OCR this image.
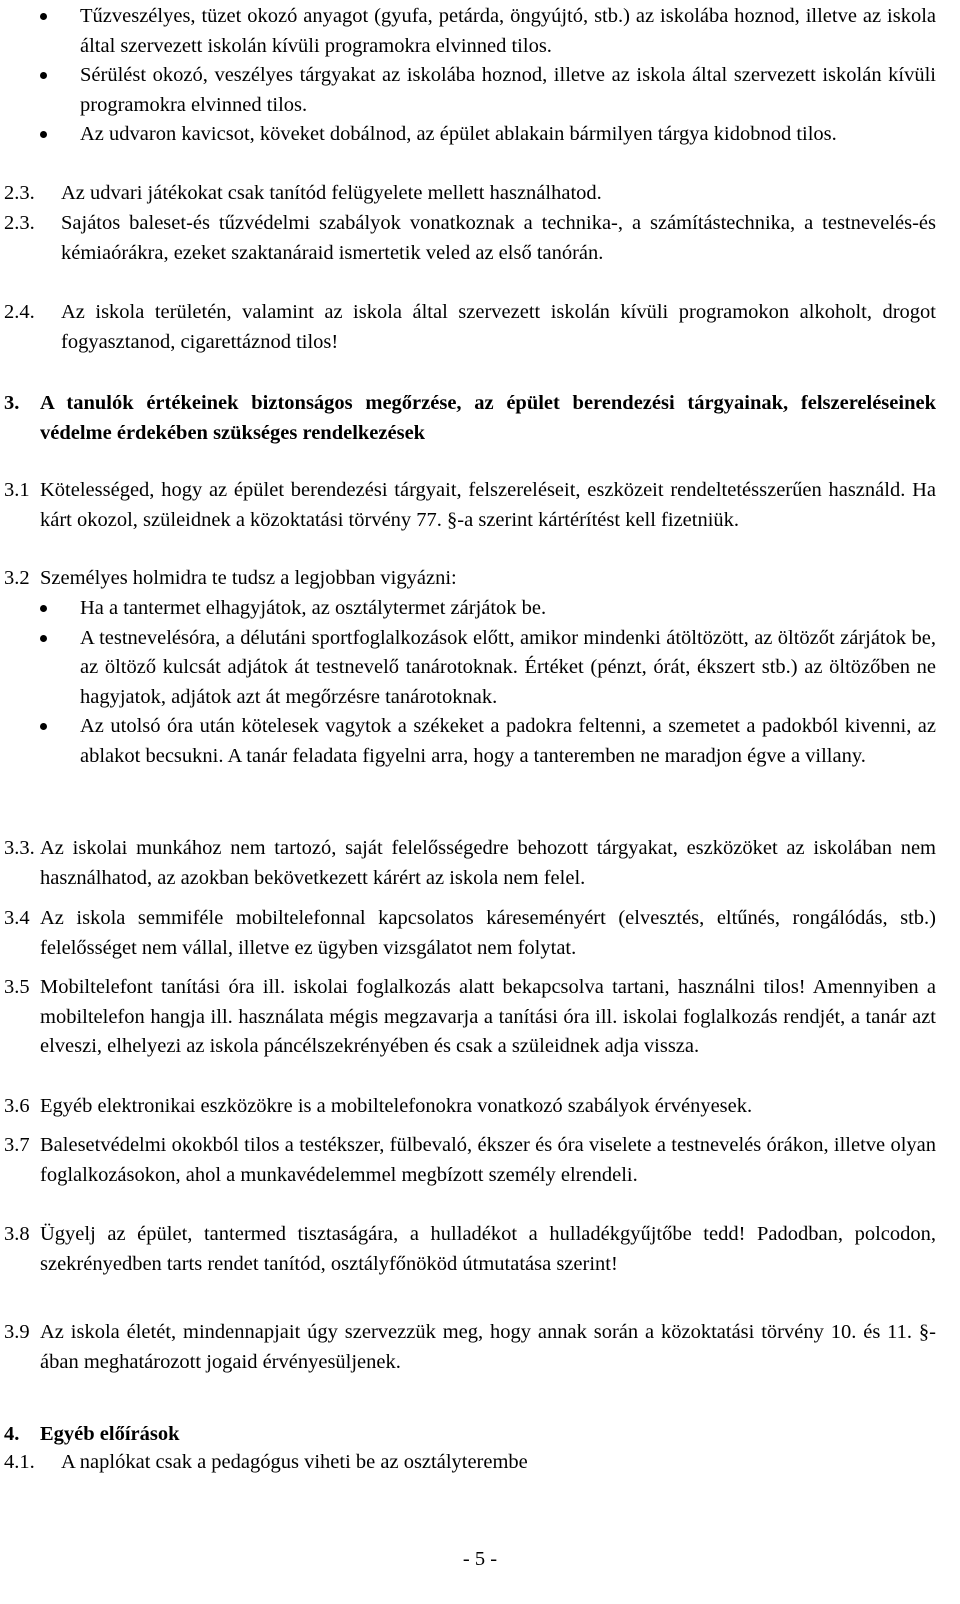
Tűzveszélyes, tüzet okozó anyagot (gyufa, petárda, öngyújtó, stb.) az iskolába hoznod, illetve az iskola által szervezett iskolán kívüli programokra elvinned tilos.
Sérülést okozó, veszélyes tárgyakat az iskolába hoznod, illetve az iskola által szervezett iskolán kívüli programokra elvinned tilos.
Az udvaron kavicsot, köveket dobálnod, az épület ablakain bármilyen tárgya kidobnod tilos.
2.3. Az udvari játékokat csak tanítód felügyelete mellett használhatod.
2.3. Sajátos baleset-és tűzvédelmi szabályok vonatkoznak a technika-, a számítástechnika, a testnevelés-és kémiaórákra, ezeket szaktanáraid ismertetik veled az első tanórán.
2.4. Az iskola területén, valamint az iskola által szervezett iskolán kívüli programokon alkoholt, drogot fogyasztanod, cigarettáznod tilos!
3. A tanulók értékeinek biztonságos megőrzése, az épület berendezési tárgyainak, felszereléseinek védelme érdekében szükséges rendelkezések
3.1 Kötelességed, hogy az épület berendezési tárgyait, felszereléseit, eszközeit rendeltetésszerűen használd. Ha kárt okozol, szüleidnek a közoktatási törvény 77. §-a szerint kártérítést kell fizetniük.
3.2 Személyes holmidra te tudsz a legjobban vigyázni:
Ha a tantermet elhagyjátok, az osztálytermet zárjátok be.
A testnevelésóra, a délutáni sportfoglalkozások előtt, amikor mindenki átöltözött, az öltözőt zárjátok be, az öltöző kulcsát adjátok át testnevelő tanárotoknak. Értéket (pénzt, órát, ékszert stb.) az öltözőben ne hagyjatok, adjátok azt át megőrzésre tanárotoknak.
Az utolsó óra után kötelesek vagytok a székeket a padokra feltenni, a szemetet a padokból kivenni, az ablakot becsukni. A tanár feladata figyelni arra, hogy a tanteremben ne maradjon égve a villany.
3.3. Az iskolai munkához nem tartozó, saját felelősségedre behozott tárgyakat, eszközöket az iskolában nem használhatod, az azokban bekövetkezett kárért az iskola nem felel.
3.4 Az iskola semmiféle mobiltelefonnal kapcsolatos káreseményért (elvesztés, eltűnés, rongálódás, stb.) felelősséget nem vállal, illetve ez ügyben vizsgálatot nem folytat.
3.5 Mobiltelefont tanítási óra ill. iskolai foglalkozás alatt bekapcsolva tartani, használni tilos! Amennyiben a mobiltelefon hangja ill. használata mégis megzavarja a tanítási óra ill. iskolai foglalkozás rendjét, a tanár azt elveszi, elhelyezi az iskola páncélszekrényében és csak a szüleidnek adja vissza.
3.6 Egyéb elektronikai eszközökre is a mobiltelefonokra vonatkozó szabályok érvényesek.
3.7 Balesetvédelmi okokból tilos a testékszer, fülbevaló, ékszer és óra viselete a testnevelés órákon, illetve olyan foglalkozásokon, ahol a munkavédelemmel megbízott személy elrendeli.
3.8 Ügyelj az épület, tantermed tisztaságára, a hulladékot a hulladékgyűjtőbe tedd! Padodban, polcodon, szekrényedben tarts rendet tanítód, osztályfőnököd útmutatása szerint!
3.9 Az iskola életét, mindennapjait úgy szervezzük meg, hogy annak során a közoktatási törvény 10. és 11. §-ában meghatározott jogaid érvényesüljenek.
4. Egyéb előírások
4.1. A naplókat csak a pedagógus viheti be az osztályterembe
- 5 -
